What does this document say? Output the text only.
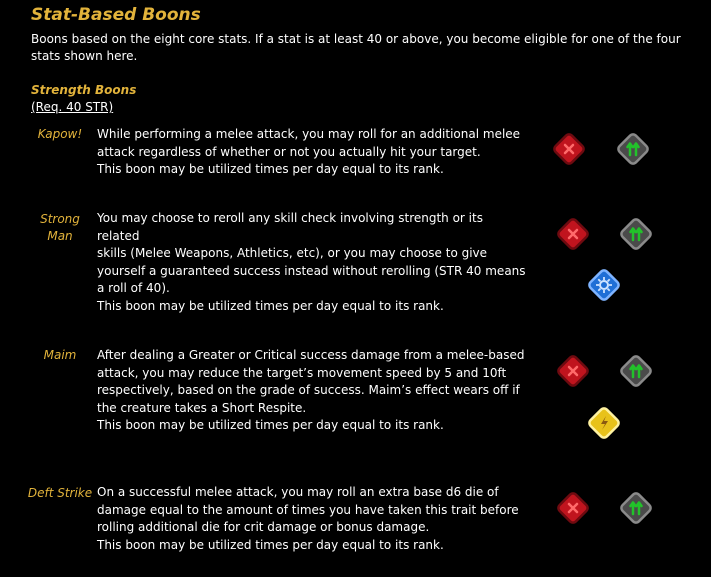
Stat-Based Boons
Boons based on the eight core stats. If a stat is at least 40 or above, you become eligible for one of the four stats shown here.
Strength Boons
(Req. 40 STR)
Kapow!	While performing a melee attack, you may roll for an additional melee
attack regardless of whether or not you actually hit your target.
This boon may be utilized times per day equal to its rank.
Strong Man
You may choose to reroll any skill check involving strength or its related
skills (Melee Weapons, Athletics, etc), or you may choose to give
yourself a guaranteed success instead without rerolling (STR 40 means
a roll of 40).
This boon may be utilized times per day equal to its rank.
Maim	After dealing a Greater or Critical success damage from a melee-based
attack, you may reduce the target’s movement speed by 5 and 10ft
respectively, based on the grade of success. Maim’s effect wears off if
the creature takes a Short Respite.
This boon may be utilized times per day equal to its rank.
Deft Strike On a successful melee attack, you may roll an extra base d6 die of
damage equal to the amount of times you have taken this trait before
rolling additional die for crit damage or bonus damage.
This boon may be utilized times per day equal to its rank.
